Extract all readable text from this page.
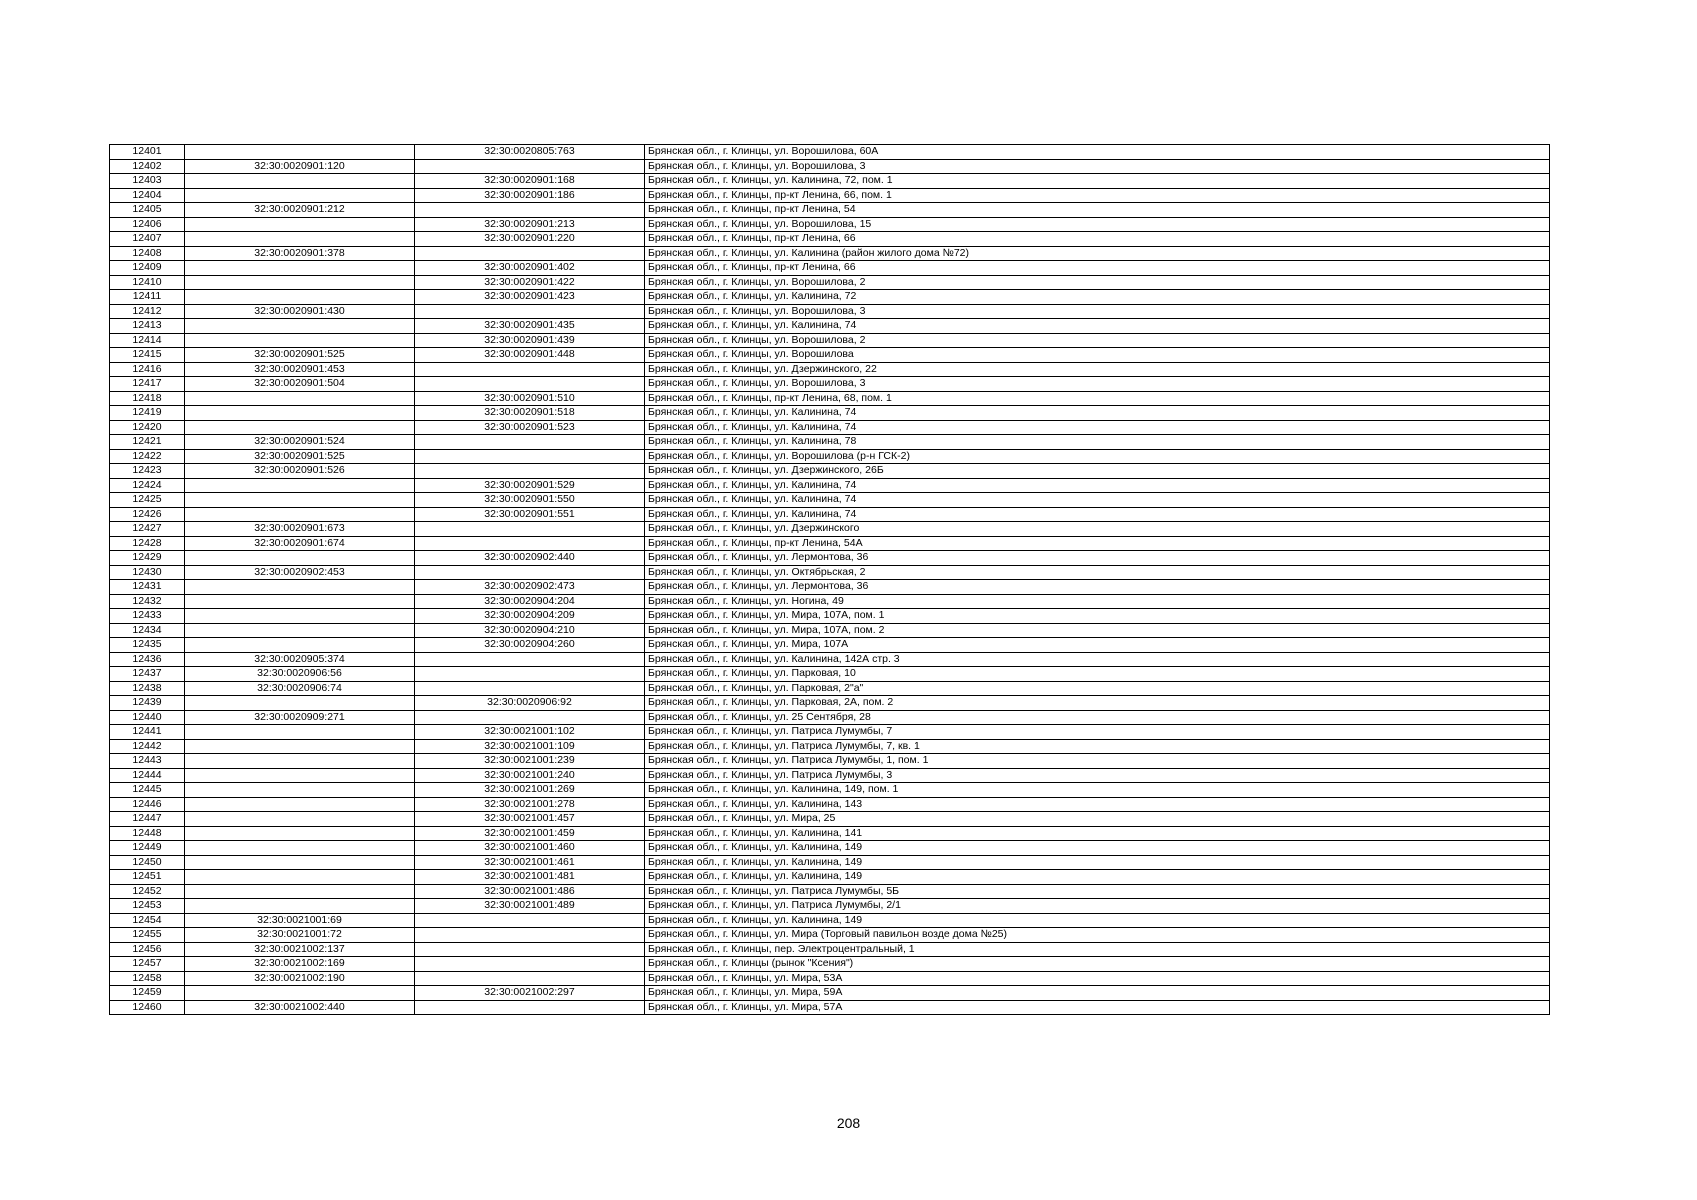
12401		32:30:0020805:763	Брянская обл., г. Клинцы, ул. Ворошилова, 60А
12402	32:30:0020901:120		Брянская обл., г. Клинцы, ул. Ворошилова, 3
12403		32:30:0020901:168	Брянская обл., г. Клинцы, ул. Калинина, 72, пом. 1
12404		32:30:0020901:186	Брянская обл., г. Клинцы, пр-кт Ленина, 66, пом. 1
12405	32:30:0020901:212		Брянская обл., г. Клинцы, пр-кт Ленина, 54
12406		32:30:0020901:213	Брянская обл., г. Клинцы, ул. Ворошилова, 15
12407		32:30:0020901:220	Брянская обл., г. Клинцы, пр-кт Ленина, 66
12408	32:30:0020901:378		Брянская обл., г. Клинцы, ул. Калинина (район жилого дома №72)
12409		32:30:0020901:402	Брянская обл., г. Клинцы, пр-кт Ленина, 66
12410		32:30:0020901:422	Брянская обл., г. Клинцы, ул. Ворошилова, 2
12411		32:30:0020901:423	Брянская обл., г. Клинцы, ул. Калинина, 72
12412	32:30:0020901:430		Брянская обл., г. Клинцы, ул. Ворошилова, 3
12413		32:30:0020901:435	Брянская обл., г. Клинцы, ул. Калинина, 74
12414		32:30:0020901:439	Брянская обл., г. Клинцы, ул. Ворошилова, 2
12415	32:30:0020901:525	32:30:0020901:448	Брянская обл., г. Клинцы, ул. Ворошилова
12416	32:30:0020901:453		Брянская обл., г. Клинцы, ул. Дзержинского, 22
12417	32:30:0020901:504		Брянская обл., г. Клинцы, ул. Ворошилова, 3
12418		32:30:0020901:510	Брянская обл., г. Клинцы, пр-кт Ленина, 68, пом. 1
12419		32:30:0020901:518	Брянская обл., г. Клинцы, ул. Калинина, 74
12420		32:30:0020901:523	Брянская обл., г. Клинцы, ул. Калинина, 74
12421	32:30:0020901:524		Брянская обл., г. Клинцы, ул. Калинина, 78
12422	32:30:0020901:525		Брянская обл., г. Клинцы, ул. Ворошилова (р-н ГСК-2)
12423	32:30:0020901:526		Брянская обл., г. Клинцы, ул. Дзержинского, 26Б
12424		32:30:0020901:529	Брянская обл., г. Клинцы, ул. Калинина, 74
12425		32:30:0020901:550	Брянская обл., г. Клинцы, ул. Калинина, 74
12426		32:30:0020901:551	Брянская обл., г. Клинцы, ул. Калинина, 74
12427	32:30:0020901:673		Брянская обл., г. Клинцы, ул. Дзержинского
12428	32:30:0020901:674		Брянская обл., г. Клинцы, пр-кт Ленина, 54А
12429		32:30:0020902:440	Брянская обл., г. Клинцы, ул. Лермонтова, 36
12430	32:30:0020902:453		Брянская обл., г. Клинцы, ул. Октябрьская, 2
12431		32:30:0020902:473	Брянская обл., г. Клинцы, ул. Лермонтова, 36
12432		32:30:0020904:204	Брянская обл., г. Клинцы, ул. Ногина, 49
12433		32:30:0020904:209	Брянская обл., г. Клинцы, ул. Мира, 107А, пом. 1
12434		32:30:0020904:210	Брянская обл., г. Клинцы, ул. Мира, 107А, пом. 2
12435		32:30:0020904:260	Брянская обл., г. Клинцы, ул. Мира, 107А
12436	32:30:0020905:374		Брянская обл., г. Клинцы, ул. Калинина, 142А стр. 3
12437	32:30:0020906:56		Брянская обл., г. Клинцы, ул. Парковая, 10
12438	32:30:0020906:74		Брянская обл., г. Клинцы, ул. Парковая, 2"а"
12439		32:30:0020906:92	Брянская обл., г. Клинцы, ул. Парковая, 2А, пом. 2
12440	32:30:0020909:271		Брянская обл., г. Клинцы, ул. 25 Сентября, 28
12441		32:30:0021001:102	Брянская обл., г. Клинцы, ул. Патриса Лумумбы, 7
12442		32:30:0021001:109	Брянская обл., г. Клинцы, ул. Патриса Лумумбы, 7, кв. 1
12443		32:30:0021001:239	Брянская обл., г. Клинцы, ул. Патриса Лумумбы, 1, пом. 1
12444		32:30:0021001:240	Брянская обл., г. Клинцы, ул. Патриса Лумумбы, 3
12445		32:30:0021001:269	Брянская обл., г. Клинцы, ул. Калинина, 149, пом. 1
12446		32:30:0021001:278	Брянская обл., г. Клинцы, ул. Калинина, 143
12447		32:30:0021001:457	Брянская обл., г. Клинцы, ул. Мира, 25
12448		32:30:0021001:459	Брянская обл., г. Клинцы, ул. Калинина, 141
12449		32:30:0021001:460	Брянская обл., г. Клинцы, ул. Калинина, 149
12450		32:30:0021001:461	Брянская обл., г. Клинцы, ул. Калинина, 149
12451		32:30:0021001:481	Брянская обл., г. Клинцы, ул. Калинина, 149
12452		32:30:0021001:486	Брянская обл., г. Клинцы, ул. Патриса Лумумбы, 5Б
12453		32:30:0021001:489	Брянская обл., г. Клинцы, ул. Патриса Лумумбы, 2/1
12454	32:30:0021001:69		Брянская обл., г. Клинцы, ул. Калинина, 149
12455	32:30:0021001:72		Брянская обл., г. Клинцы, ул. Мира (Торговый павильон возде дома №25)
12456	32:30:0021002:137		Брянская обл., г. Клинцы, пер. Электроцентральный, 1
12457	32:30:0021002:169		Брянская обл., г. Клинцы (рынок "Ксения")
12458	32:30:0021002:190		Брянская обл., г. Клинцы, ул. Мира, 53А
12459		32:30:0021002:297	Брянская обл., г. Клинцы, ул. Мира, 59А
12460	32:30:0021002:440		Брянская обл., г. Клинцы, ул. Мира, 57А
208
